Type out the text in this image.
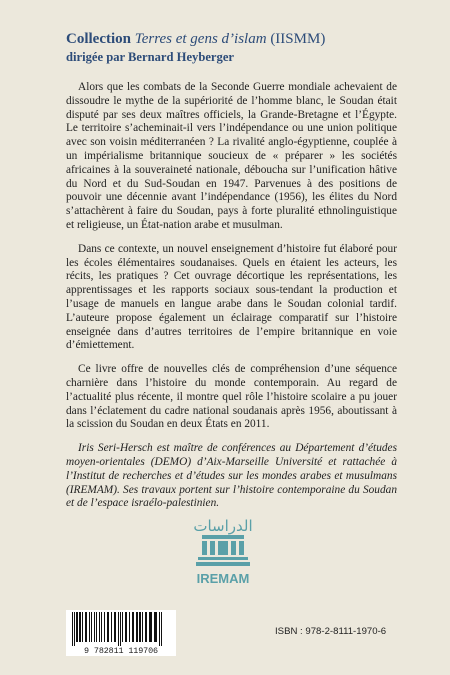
Collection Terres et gens d’islam (IISMM)
dirigée par Bernard Heyberger

Alors que les combats de la Seconde Guerre mondiale achevaient de dissoudre le mythe de la supériorité de l’homme blanc, le Soudan était disputé par ses deux maîtres officiels, la Grande-Bretagne et l’Égypte. Le territoire s’acheminait-il vers l’indépendance ou une union politique avec son voisin méditerranéen ? La rivalité anglo-égyptienne, couplée à un impérialisme britannique soucieux de « préparer » les sociétés africaines à la souveraineté nationale, déboucha sur l’unification hâtive du Nord et du Sud-Soudan en 1947. Parvenues à des positions de pouvoir une décennie avant l’indépendance (1956), les élites du Nord s’attachèrent à faire du Soudan, pays à forte pluralité ethnolinguistique et religieuse, un État-nation arabe et musulman.

Dans ce contexte, un nouvel enseignement d’histoire fut élaboré pour les écoles élémentaires soudanaises. Quels en étaient les acteurs, les récits, les pratiques ? Cet ouvrage décortique les représentations, les apprentissages et les rapports sociaux sous-tendant la production et l’usage de manuels en langue arabe dans le Soudan colonial tardif. L’auteure propose également un éclairage comparatif sur l’histoire enseignée dans d’autres territoires de l’empire britannique en voie d’émiettement.

Ce livre offre de nouvelles clés de compréhension d’une séquence charnière dans l’histoire du monde contemporain. Au regard de l’actualité plus récente, il montre quel rôle l’histoire scolaire a pu jouer dans l’éclatement du cadre national soudanais après 1956, aboutissant à la scission du Soudan en deux États en 2011.

Iris Seri-Hersch est maître de conférences au Département d’études moyen-orientales (DEMO) d’Aix-Marseille Université et rattachée à l’Institut de recherches et d’études sur les mondes arabes et musulmans (IREMAM). Ses travaux portent sur l’histoire contemporaine du Soudan et de l’espace israélo-palestinien.

الدراسات
IREMAM
9 782811 119706
ISBN : 978-2-8111-1970-6
